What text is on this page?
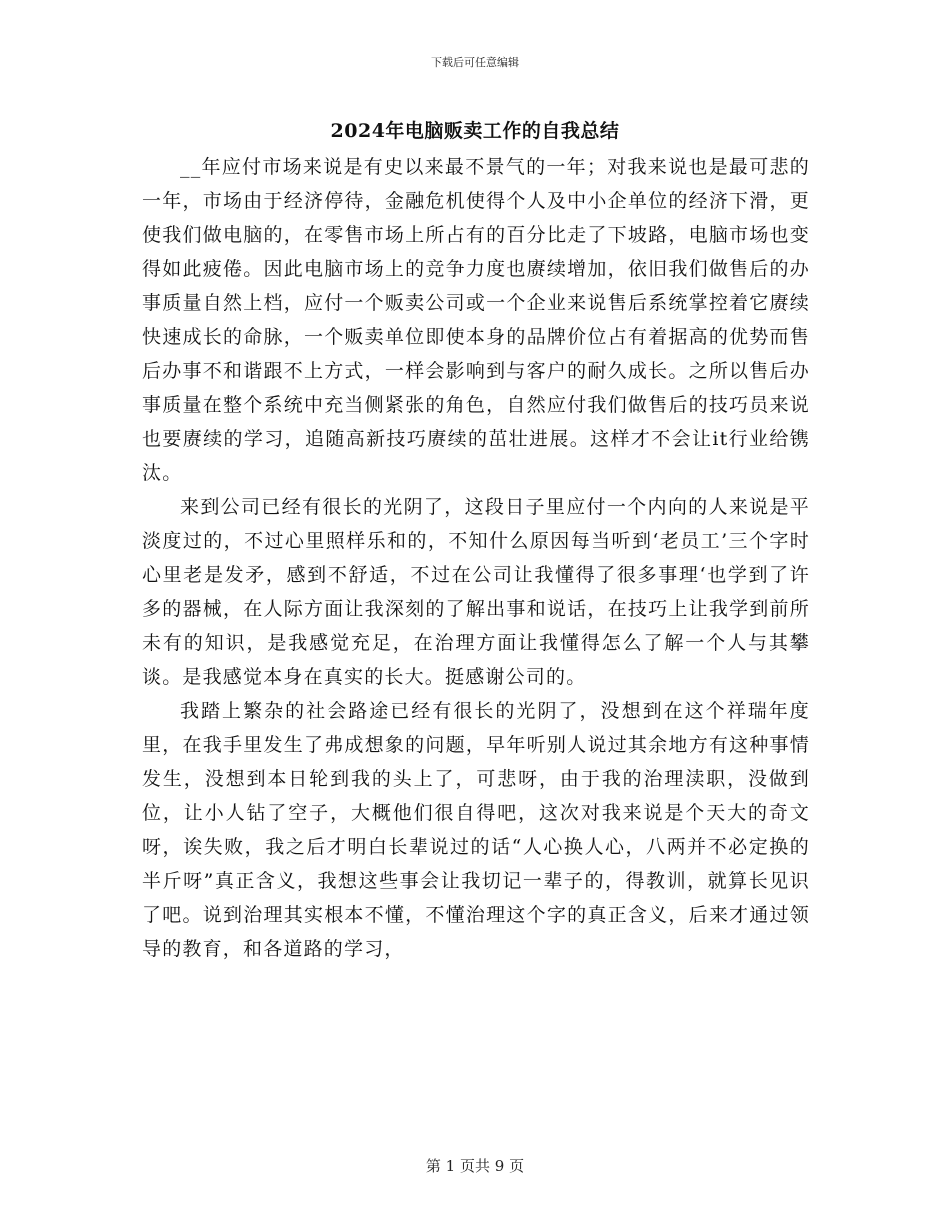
下载后可任意编辑
2024年电脑贩卖工作的自我总结

__年应付市场来说是有史以来最不景气的一年；对我来说也是最可悲的一年，市场由于经济停待，金融危机使得个人及中小企单位的经济下滑，更使我们做电脑的，在零售市场上所占有的百分比走了下坡路，电脑市场也变得如此疲倦。因此电脑市场上的竞争力度也赓续增加，依旧我们做售后的办事质量自然上档，应付一个贩卖公司或一个企业来说售后系统掌控着它赓续快速成长的命脉，一个贩卖单位即使本身的品牌价位占有着据高的优势而售后办事不和谐跟不上方式，一样会影响到与客户的耐久成长。之所以售后办事质量在整个系统中充当侧紧张的角色，自然应付我们做售后的技巧员来说也要赓续的学习，追随高新技巧赓续的茁壮进展。这样才不会让it行业给镌汰。

来到公司已经有很长的光阴了，这段日子里应付一个内向的人来说是平淡度过的，不过心里照样乐和的，不知什么原因每当听到‘老员工’三个字时心里老是发矛，感到不舒适，不过在公司让我懂得了很多事理‘也学到了许多的器械，在人际方面让我深刻的了解出事和说话，在技巧上让我学到前所未有的知识，是我感觉充足，在治理方面让我懂得怎么了解一个人与其攀谈。是我感觉本身在真实的长大。挺感谢公司的。

我踏上繁杂的社会路途已经有很长的光阴了，没想到在这个祥瑞年度里，在我手里发生了弗成想象的问题，早年听别人说过其余地方有这种事情发生，没想到本日轮到我的头上了，可悲呀，由于我的治理渎职，没做到位，让小人钻了空子，大概他们很自得吧，这次对我来说是个天大的奇文呀，诶失败，我之后才明白长辈说过的话“人心换人心，八两并不必定换的半斤呀”真正含义，我想这些事会让我切记一辈子的，得教训，就算长见识了吧。说到治理其实根本不懂，不懂治理这个字的真正含义，后来才通过领导的教育，和各道路的学习，

第 1 页共 9 页
